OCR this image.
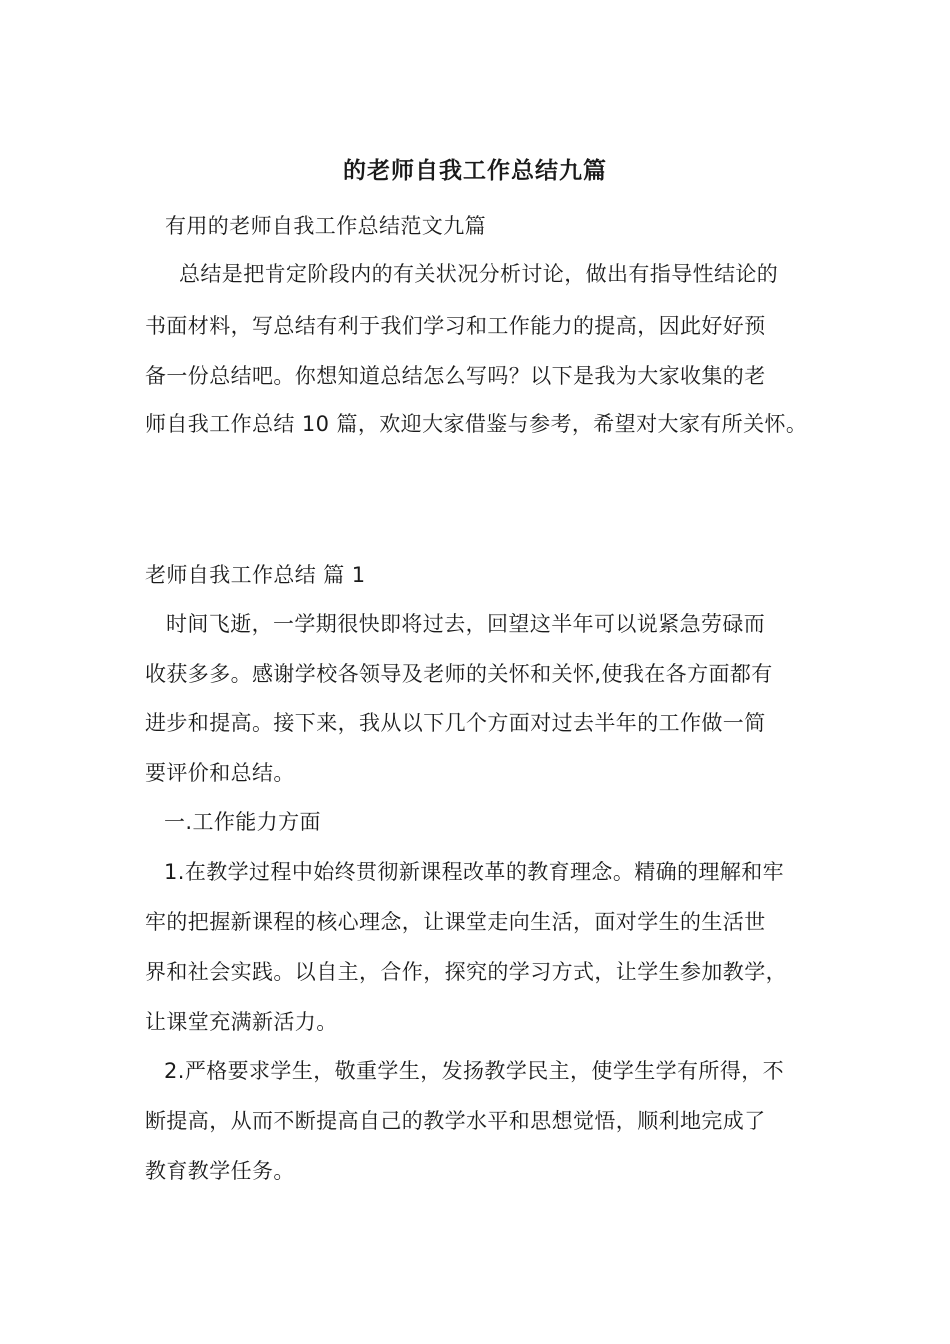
的老师自我工作总结九篇
有用的老师自我工作总结范文九篇
总结是把肯定阶段内的有关状况分析讨论，做出有指导性结论的
书面材料，写总结有利于我们学习和工作能力的提高，因此好好预
备一份总结吧。你想知道总结怎么写吗？以下是我为大家收集的老
师自我工作总结 10 篇，欢迎大家借鉴与参考，希望对大家有所关怀。
老师自我工作总结 篇 1
时间飞逝，一学期很快即将过去，回望这半年可以说紧急劳碌而
收获多多。感谢学校各领导及老师的关怀和关怀,使我在各方面都有
进步和提高。接下来，我从以下几个方面对过去半年的工作做一简
要评价和总结。
一.工作能力方面
1.在教学过程中始终贯彻新课程改革的教育理念。精确的理解和牢
牢的把握新课程的核心理念，让课堂走向生活，面对学生的生活世
界和社会实践。以自主，合作，探究的学习方式，让学生参加教学，
让课堂充满新活力。
2.严格要求学生，敬重学生，发扬教学民主，使学生学有所得，不
断提高，从而不断提高自己的教学水平和思想觉悟，顺利地完成了
教育教学任务。
